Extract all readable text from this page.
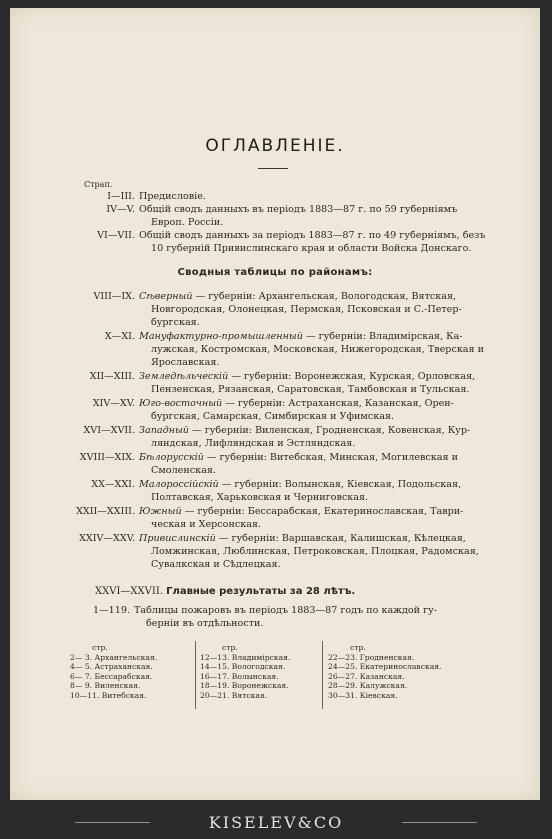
ОГЛАВЛЕНІЕ.
Страп.
I—III. Предисловіе.
IV—V. Общій сводъ данныхъ въ періодъ 1883—87 г. по 59 губерніямъ
Европ. Россіи.
VI—VII. Общій сводъ данныхъ за періодъ 1883—87 г. по 49 губерніямъ, безъ
10 губерній Привислинскаго края и области Войска Донскаго.
Сводныя таблицы по районамъ:
VIII—IX. Сѣверный — губерніи: Архангельская, Вологодская, Вятская,
Новгородская, Олонецкая, Пермская, Псковская и С.-Петер-
бургская.
X—XI. Мануфактурно-промышленный — губерніи: Владимірская, Ка-
лужская, Костромская, Московская, Нижегородская, Тверская и
Ярославская.
XII—XIII. Земледѣльческій — губерніи: Воронежская, Курская, Орловская,
Пензенская, Рязанская, Саратовская, Тамбовская и Тульская.
XIV—XV. Юго-восточный — губерніи: Астраханская, Казанская, Орен-
бургская, Самарская, Симбирская и Уфимская.
XVI—XVII. Западный — губерніи: Виленская, Гродненская, Ковенская, Кур-
ляндская, Лифляндская и Эстляндская.
XVIII—XIX. Бѣлорусскій — губерніи: Витебская, Минская, Могилевская и
Смоленская.
XX—XXI. Малороссійскій — губерніи: Волынская, Кіевская, Подольская,
Полтавская, Харьковская и Черниговская.
XXII—XXIII. Южный — губерніи: Бессарабская, Екатеринославская, Таври-
ческая и Херсонская.
XXIV—XXV. Привислинскій — губерніи: Варшавская, Калишская, Кѣлецкая,
Ломжинская, Люблинская, Петроковская, Плоцкая, Радомская,
Сувалкская и Сѣдлецкая.
XXVI—XXVII. Главные результаты за 28 лѣтъ.
1—119. Таблицы пожаровъ въ періодъ 1883—87 годъ по каждой гу-
берніи въ отдѣльности.
стр.
2— 3. Архангельская.
4— 5. Астраханская.
6— 7. Бессарабская.
8— 9. Виленская.
10—11. Витебская.
стр.
12—13. Владимірская.
14—15. Вологодская.
16—17. Волынская.
18—19. Воронежская.
20—21. Вятская.
стр.
22—23. Гродненская.
24—25. Екатеринославская.
26—27. Казанская.
28—29. Калужская.
30—31. Кіевская.
KISELEV&CO
